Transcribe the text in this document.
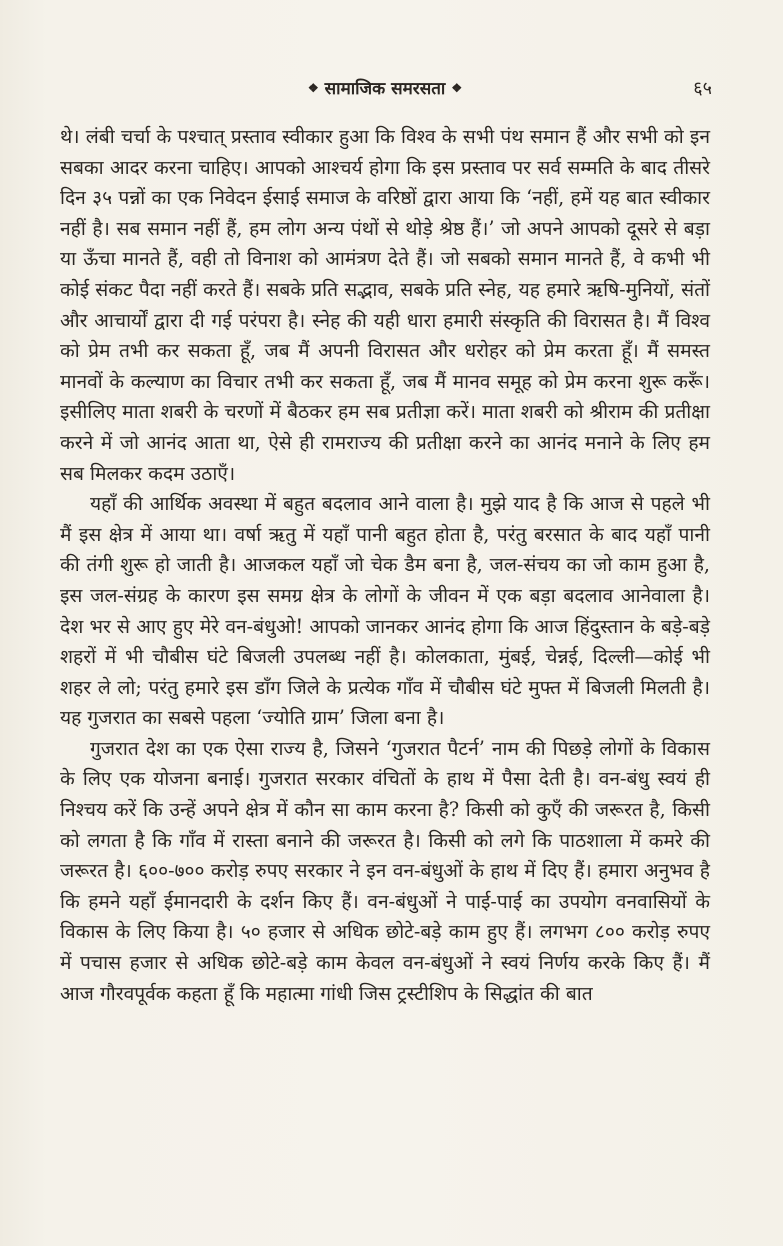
❖ सामाजिक समरसता ❖	६५

थे। लंबी चर्चा के पश्चात् प्रस्ताव स्वीकार हुआ कि विश्व के सभी पंथ समान हैं और सभी को इन सबका आदर करना चाहिए। आपको आश्चर्य होगा कि इस प्रस्ताव पर सर्व सम्मति के बाद तीसरे दिन ३५ पन्नों का एक निवेदन ईसाई समाज के वरिष्ठों द्वारा आया कि ‘नहीं, हमें यह बात स्वीकार नहीं है। सब समान नहीं हैं, हम लोग अन्य पंथों से थोड़े श्रेष्ठ हैं।’ जो अपने आपको दूसरे से बड़ा या ऊँचा मानते हैं, वही तो विनाश को आमंत्रण देते हैं। जो सबको समान मानते हैं, वे कभी भी कोई संकट पैदा नहीं करते हैं। सबके प्रति सद्भाव, सबके प्रति स्नेह, यह हमारे ऋषि-मुनियों, संतों और आचार्यों द्वारा दी गई परंपरा है। स्नेह की यही धारा हमारी संस्कृति की विरासत है। मैं विश्व को प्रेम तभी कर सकता हूँ, जब मैं अपनी विरासत और धरोहर को प्रेम करता हूँ। मैं समस्त मानवों के कल्याण का विचार तभी कर सकता हूँ, जब मैं मानव समूह को प्रेम करना शुरू करूँ। इसीलिए माता शबरी के चरणों में बैठकर हम सब प्रतीज्ञा करें। माता शबरी को श्रीराम की प्रतीक्षा करने में जो आनंद आता था, ऐसे ही रामराज्य की प्रतीक्षा करने का आनंद मनाने के लिए हम सब मिलकर कदम उठाएँ।

यहाँ की आर्थिक अवस्था में बहुत बदलाव आने वाला है। मुझे याद है कि आज से पहले भी मैं इस क्षेत्र में आया था। वर्षा ऋतु में यहाँ पानी बहुत होता है, परंतु बरसात के बाद यहाँ पानी की तंगी शुरू हो जाती है। आजकल यहाँ जो चेक डैम बना है, जल-संचय का जो काम हुआ है, इस जल-संग्रह के कारण इस समग्र क्षेत्र के लोगों के जीवन में एक बड़ा बदलाव आनेवाला है। देश भर से आए हुए मेरे वन-बंधुओ! आपको जानकर आनंद होगा कि आज हिंदुस्तान के बड़े-बड़े शहरों में भी चौबीस घंटे बिजली उपलब्ध नहीं है। कोलकाता, मुंबई, चेन्नई, दिल्ली—कोई भी शहर ले लो; परंतु हमारे इस डाँग जिले के प्रत्येक गाँव में चौबीस घंटे मुफ्त में बिजली मिलती है। यह गुजरात का सबसे पहला ‘ज्योति ग्राम’ जिला बना है।

गुजरात देश का एक ऐसा राज्य है, जिसने ‘गुजरात पैटर्न’ नाम की पिछड़े लोगों के विकास के लिए एक योजना बनाई। गुजरात सरकार वंचितों के हाथ में पैसा देती है। वन-बंधु स्वयं ही निश्चय करें कि उन्हें अपने क्षेत्र में कौन सा काम करना है? किसी को कुएँ की जरूरत है, किसी को लगता है कि गाँव में रास्ता बनाने की जरूरत है। किसी को लगे कि पाठशाला में कमरे की जरूरत है। ६००-७०० करोड़ रुपए सरकार ने इन वन-बंधुओं के हाथ में दिए हैं। हमारा अनुभव है कि हमने यहाँ ईमानदारी के दर्शन किए हैं। वन-बंधुओं ने पाई-पाई का उपयोग वनवासियों के विकास के लिए किया है। ५० हजार से अधिक छोटे-बड़े काम हुए हैं। लगभग ८०० करोड़ रुपए में पचास हजार से अधिक छोटे-बड़े काम केवल वन-बंधुओं ने स्वयं निर्णय करके किए हैं। मैं आज गौरवपूर्वक कहता हूँ कि महात्मा गांधी जिस ट्रस्टीशिप के सिद्धांत की बात
